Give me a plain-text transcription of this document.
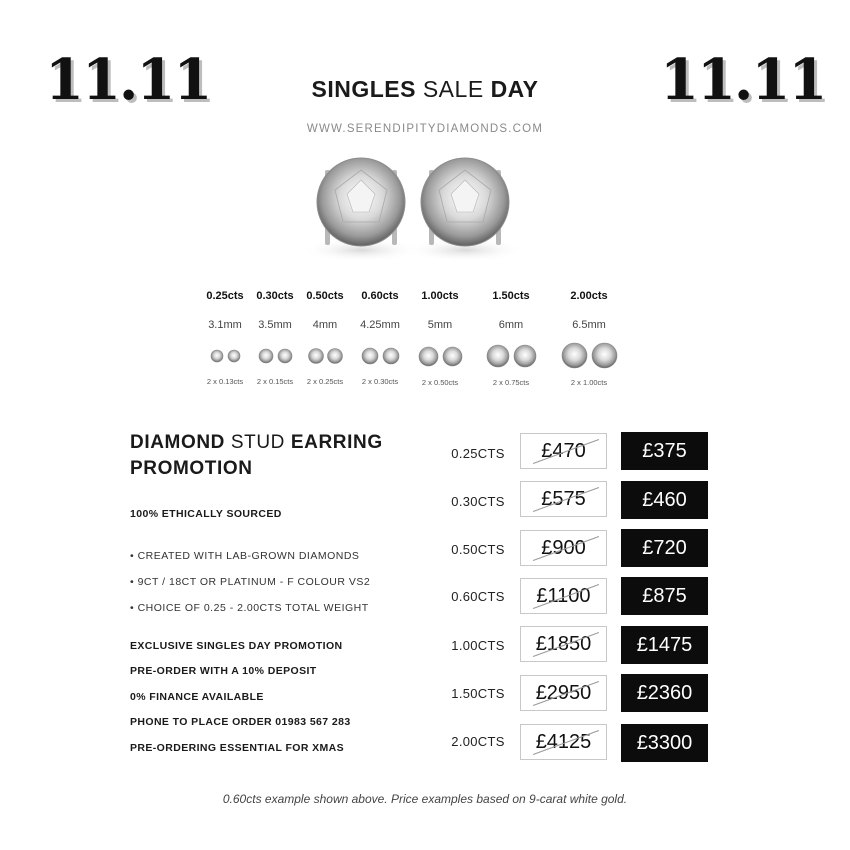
11.11	11.11
SINGLES SALE DAY
WWW.SERENDIPITYDIAMONDS.COM
0.25cts
3.1mm
2 x 0.13cts
0.30cts
3.5mm
2 x 0.15cts
0.50cts
4mm
2 x 0.25cts
0.60cts
4.25mm
2 x 0.30cts
1.00cts
5mm
2 x 0.50cts
1.50cts
6mm
2 x 0.75cts
2.00cts
6.5mm
2 x 1.00cts
DIAMOND STUD EARRING
PROMOTION
100% ETHICALLY SOURCED
• CREATED WITH LAB-GROWN DIAMONDS
• 9CT / 18CT OR PLATINUM - F COLOUR VS2
• CHOICE OF 0.25 - 2.00CTS TOTAL WEIGHT
EXCLUSIVE SINGLES DAY PROMOTION
PRE-ORDER WITH A 10% DEPOSIT
0% FINANCE AVAILABLE
PHONE TO PLACE ORDER 01983 567 283
PRE-ORDERING ESSENTIAL FOR XMAS
0.25CTS	£470	£375
0.30CTS	£575	£460
0.50CTS	£900	£720
0.60CTS	£1100	£875
1.00CTS	£1850 £1475
1.50CTS	£2950 £2360
2.00CTS	£4125 £3300
0.60cts example shown above. Price examples based on 9-carat white gold.
